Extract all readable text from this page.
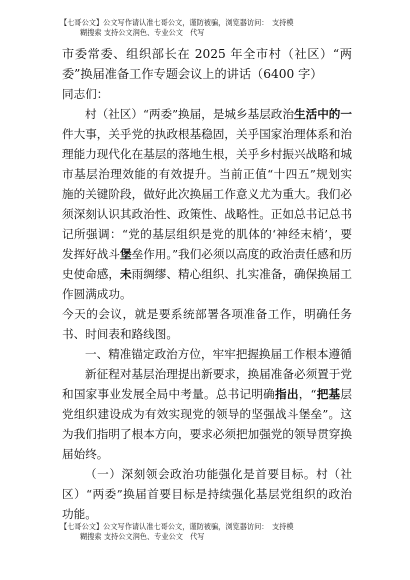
【七哥公文】公文写作请认准七哥公文，谨防被骗，浏览器访问：　支持模
糊搜索 支持公文润色、专业公文　代写

市委常委、组织部长在 2025 年全市村（社区）“两委”换届准备工作专题会议上的讲话（6400 字）

同志们：

村（社区）“两委”换届，是城乡基层政治生活中的一件大事，关乎党的执政根基稳固，关乎国家治理体系和治理能力现代化在基层的落地生根，关乎乡村振兴战略和城市基层治理效能的有效提升。当前正值“十四五”规划实施的关键阶段，做好此次换届工作意义尤为重大。我们必须深刻认识其政治性、政策性、战略性。正如总书记总书记所强调：“党的基层组织是党的肌体的‘神经末梢’，要发挥好战斗堡垒作用。”我们必须以高度的政治责任感和历史使命感，未雨绸缪、精心组织、扎实准备，确保换届工作圆满成功。

今天的会议，就是要系统部署各项准备工作，明确任务书、时间表和路线图。

一、精准锚定政治方位，牢牢把握换届工作根本遵循

新征程对基层治理提出新要求，换届准备必须置于党和国家事业发展全局中考量。总书记明确指出，“把基层党组织建设成为有效实现党的领导的坚强战斗堡垒”。这为我们指明了根本方向，要求必须把加强党的领导贯穿换届始终。

（一）深刻领会政治功能强化是首要目标。村（社区）“两委”换届首要目标是持续强化基层党组织的政治功能。

【七哥公文】公文写作请认准七哥公文，谨防被骗，浏览器访问：　支持模
糊搜索 支持公文润色、专业公文　代写
